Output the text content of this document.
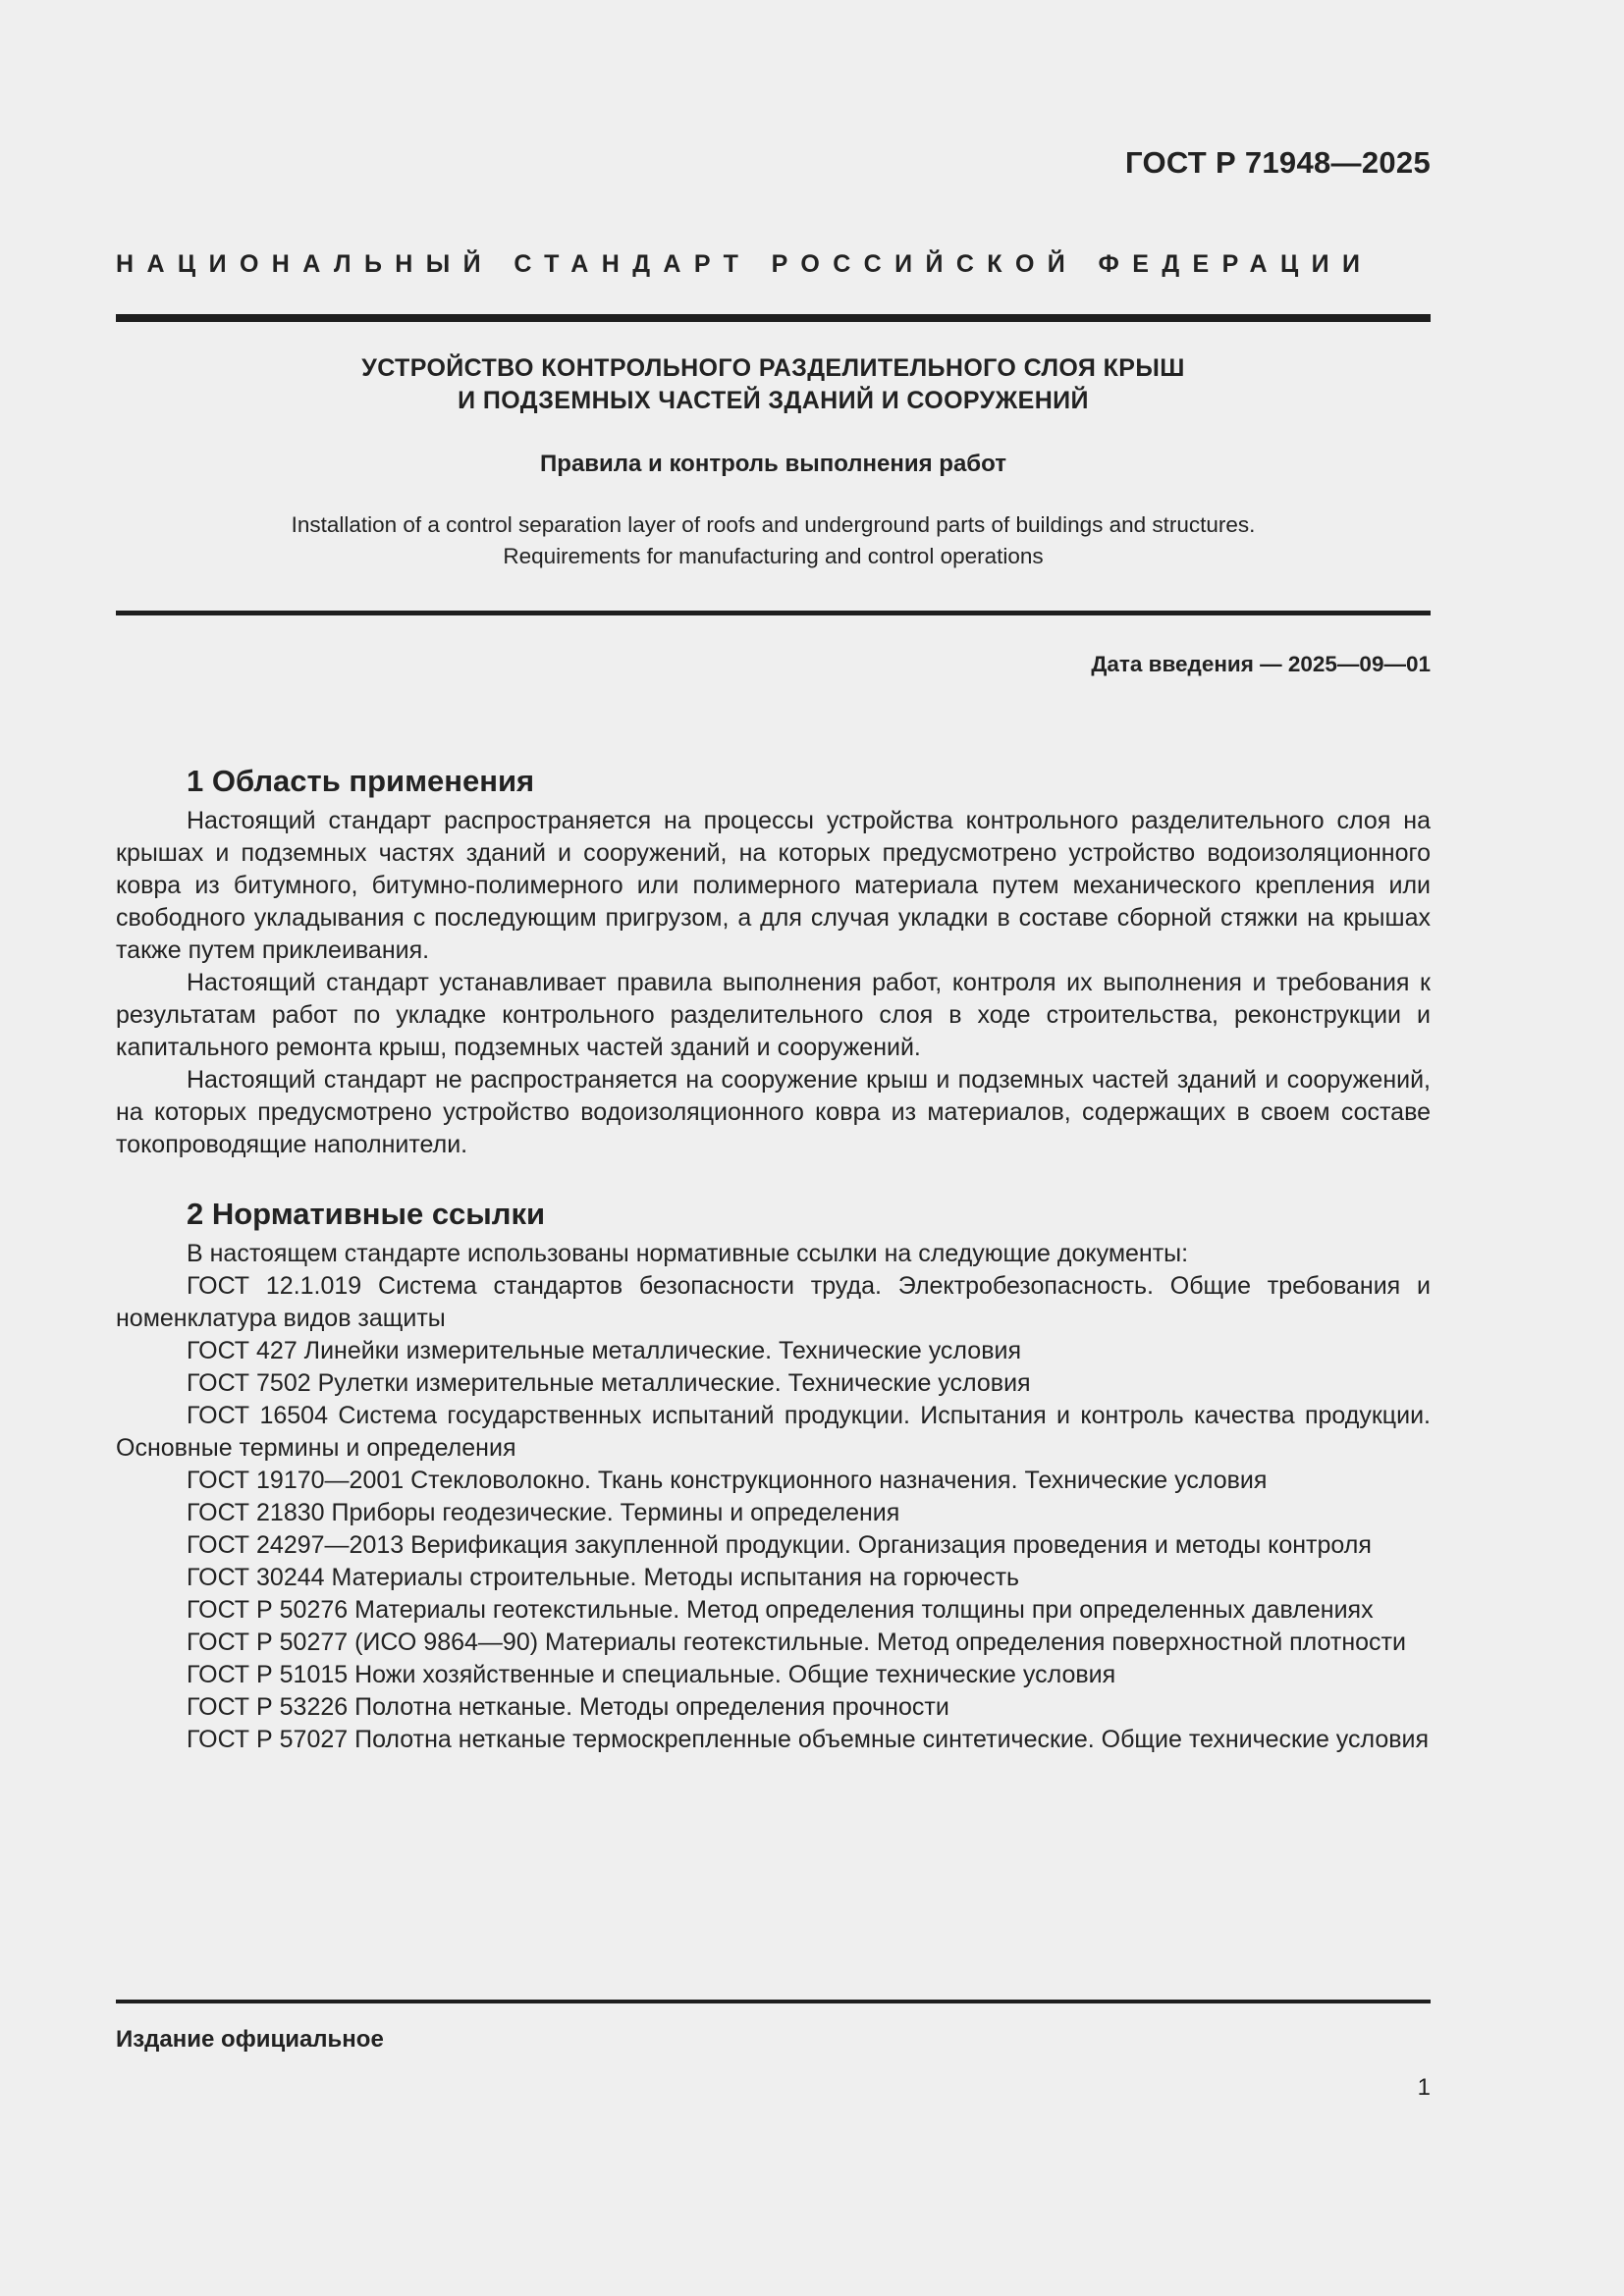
ГОСТ Р 71948—2025
НАЦИОНАЛЬНЫЙ СТАНДАРТ РОССИЙСКОЙ ФЕДЕРАЦИИ
УСТРОЙСТВО КОНТРОЛЬНОГО РАЗДЕЛИТЕЛЬНОГО СЛОЯ КРЫШ
И ПОДЗЕМНЫХ ЧАСТЕЙ ЗДАНИЙ И СООРУЖЕНИЙ
Правила и контроль выполнения работ
Installation of a control separation layer of roofs and underground parts of buildings and structures.
Requirements for manufacturing and control operations
Дата введения — 2025—09—01
1 Область применения

Настоящий стандарт распространяется на процессы устройства контрольного разделительного слоя на крышах и подземных частях зданий и сооружений, на которых предусмотрено устройство водоизоляционного ковра из битумного, битумно-полимерного или полимерного материала путем механического крепления или свободного укладывания с последующим пригрузом, а для случая укладки в составе сборной стяжки на крышах также путем приклеивания.

Настоящий стандарт устанавливает правила выполнения работ, контроля их выполнения и требования к результатам работ по укладке контрольного разделительного слоя в ходе строительства, реконструкции и капитального ремонта крыш, подземных частей зданий и сооружений.

Настоящий стандарт не распространяется на сооружение крыш и подземных частей зданий и сооружений, на которых предусмотрено устройство водоизоляционного ковра из материалов, содержащих в своем составе токопроводящие наполнители.

2 Нормативные ссылки

В настоящем стандарте использованы нормативные ссылки на следующие документы:

ГОСТ 12.1.019 Система стандартов безопасности труда. Электробезопасность. Общие требования и номенклатура видов защиты

ГОСТ 427 Линейки измерительные металлические. Технические условия

ГОСТ 7502 Рулетки измерительные металлические. Технические условия

ГОСТ 16504 Система государственных испытаний продукции. Испытания и контроль качества продукции. Основные термины и определения

ГОСТ 19170—2001 Стекловолокно. Ткань конструкционного назначения. Технические условия

ГОСТ 21830 Приборы геодезические. Термины и определения

ГОСТ 24297—2013 Верификация закупленной продукции. Организация проведения и методы контроля

ГОСТ 30244 Материалы строительные. Методы испытания на горючесть

ГОСТ Р 50276 Материалы геотекстильные. Метод определения толщины при определенных давлениях

ГОСТ Р 50277 (ИСО 9864—90) Материалы геотекстильные. Метод определения поверхностной плотности

ГОСТ Р 51015 Ножи хозяйственные и специальные. Общие технические условия

ГОСТ Р 53226 Полотна нетканые. Методы определения прочности

ГОСТ Р 57027 Полотна нетканые термоскрепленные объемные синтетические. Общие технические условия

Издание официальное
1
